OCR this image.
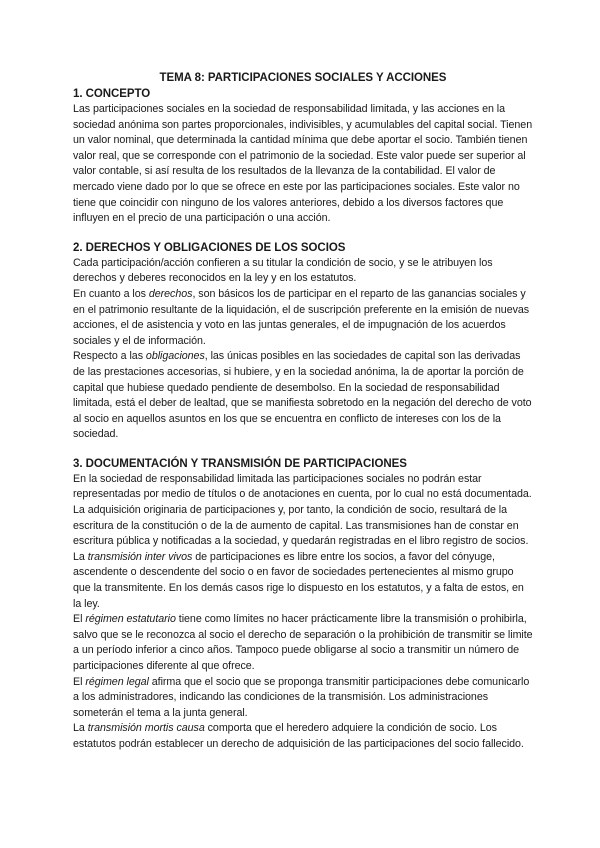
TEMA 8: PARTICIPACIONES SOCIALES Y ACCIONES

1. CONCEPTO

Las participaciones sociales en la sociedad de responsabilidad limitada, y las acciones en la sociedad anónima son partes proporcionales, indivisibles, y acumulables del capital social. Tienen un valor nominal, que determinada la cantidad mínima que debe aportar el socio. También tienen valor real, que se corresponde con el patrimonio de la sociedad. Este valor puede ser superior al valor contable, si así resulta de los resultados de la llevanza de la contabilidad. El valor de mercado viene dado por lo que se ofrece en este por las participaciones sociales. Este valor no tiene que coincidir con ninguno de los valores anteriores, debido a los diversos factores que influyen en el precio de una participación o una acción.

2. DERECHOS Y OBLIGACIONES DE LOS SOCIOS

Cada participación/acción confieren a su titular la condición de socio, y se le atribuyen los derechos y deberes reconocidos en la ley y en los estatutos.

En cuanto a los derechos, son básicos los de participar en el reparto de las ganancias sociales y en el patrimonio resultante de la liquidación, el de suscripción preferente en la emisión de nuevas acciones, el de asistencia y voto en las juntas generales, el de impugnación de los acuerdos sociales y el de información.

Respecto a las obligaciones, las únicas posibles en las sociedades de capital son las derivadas de las prestaciones accesorias, si hubiere, y en la sociedad anónima, la de aportar la porción de capital que hubiese quedado pendiente de desembolso. En la sociedad de responsabilidad limitada, está el deber de lealtad, que se manifiesta sobretodo en la negación del derecho de voto al socio en aquellos asuntos en los que se encuentra en conflicto de intereses con los de la sociedad.

3. DOCUMENTACIÓN Y TRANSMISIÓN DE PARTICIPACIONES

En la sociedad de responsabilidad limitada las participaciones sociales no podrán estar representadas por medio de títulos o de anotaciones en cuenta, por lo cual no está documentada. La adquisición originaria de participaciones y, por tanto, la condición de socio, resultará de la escritura de la constitución o de la de aumento de capital. Las transmisiones han de constar en escritura pública y notificadas a la sociedad, y quedarán registradas en el libro registro de socios.

La transmisión inter vivos de participaciones es libre entre los socios, a favor del cónyuge, ascendente o descendente del socio o en favor de sociedades pertenecientes al mismo grupo que la transmitente. En los demás casos rige lo dispuesto en los estatutos, y a falta de estos, en la ley.

El régimen estatutario tiene como límites no hacer prácticamente libre la transmisión o prohibirla, salvo que se le reconozca al socio el derecho de separación o la prohibición de transmitir se limite a un período inferior a cinco años. Tampoco puede obligarse al socio a transmitir un número de participaciones diferente al que ofrece.

El régimen legal afirma que el socio que se proponga transmitir participaciones debe comunicarlo a los administradores, indicando las condiciones de la transmisión. Los administraciones someterán el tema a la junta general.

La transmisión mortis causa comporta que el heredero adquiere la condición de socio. Los estatutos podrán establecer un derecho de adquisición de las participaciones del socio fallecido.
